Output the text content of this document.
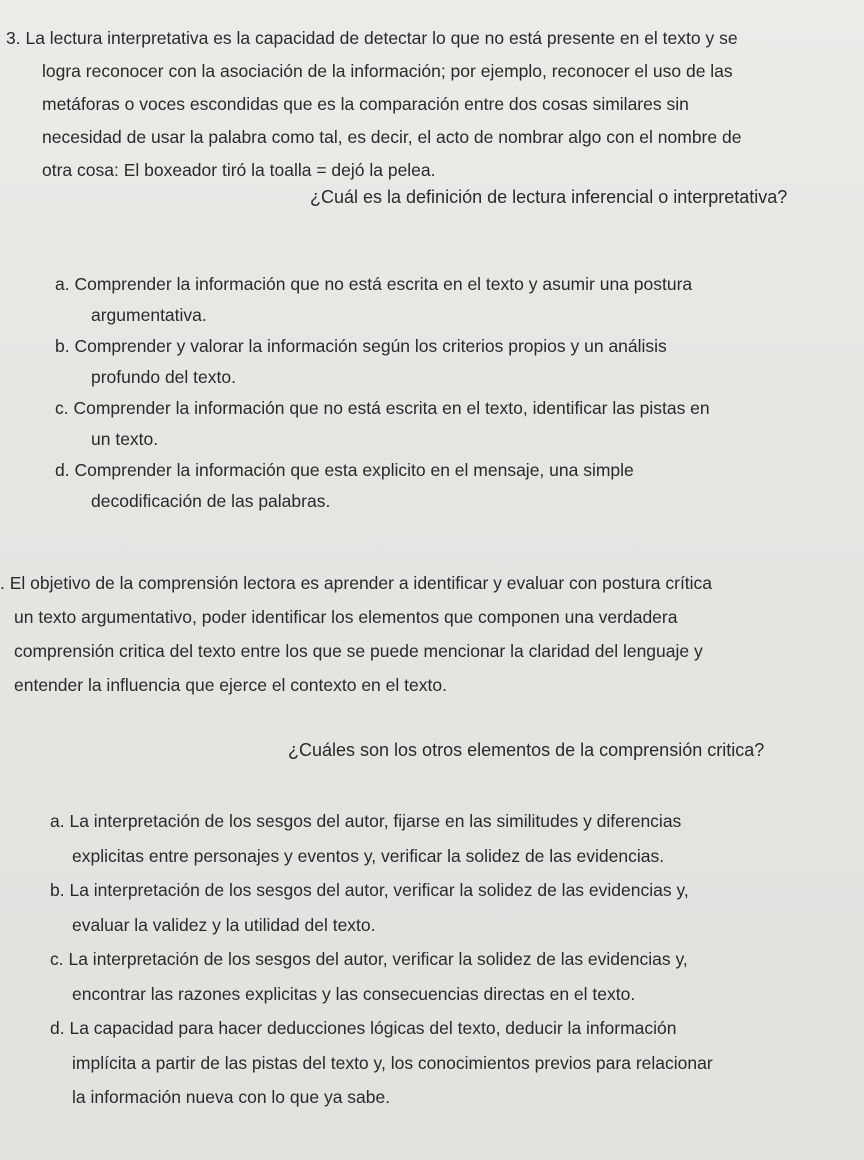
3. La lectura interpretativa es la capacidad de detectar lo que no está presente en el texto y se
logra reconocer con la asociación de la información; por ejemplo, reconocer el uso de las
metáforas o voces escondidas que es la comparación entre dos cosas similares sin
necesidad de usar la palabra como tal, es decir, el acto de nombrar algo con el nombre de
otra cosa: El boxeador tiró la toalla = dejó la pelea.
¿Cuál es la definición de lectura inferencial o interpretativa?
a. Comprender la información que no está escrita en el texto y asumir una postura
argumentativa.
b. Comprender y valorar la información según los criterios propios y un análisis
profundo del texto.
c. Comprender la información que no está escrita en el texto, identificar las pistas en
un texto.
d. Comprender la información que esta explicito en el mensaje, una simple
decodificación de las palabras.
. El objetivo de la comprensión lectora es aprender a identificar y evaluar con postura crítica
un texto argumentativo, poder identificar los elementos que componen una verdadera
comprensión critica del texto entre los que se puede mencionar la claridad del lenguaje y
entender la influencia que ejerce el contexto en el texto.
¿Cuáles son los otros elementos de la comprensión critica?
a. La interpretación de los sesgos del autor, fijarse en las similitudes y diferencias
explicitas entre personajes y eventos y, verificar la solidez de las evidencias.
b. La interpretación de los sesgos del autor, verificar la solidez de las evidencias y,
evaluar la validez y la utilidad del texto.
c. La interpretación de los sesgos del autor, verificar la solidez de las evidencias y,
encontrar las razones explicitas y las consecuencias directas en el texto.
d. La capacidad para hacer deducciones lógicas del texto, deducir la información
implícita a partir de las pistas del texto y, los conocimientos previos para relacionar
la información nueva con lo que ya sabe.
